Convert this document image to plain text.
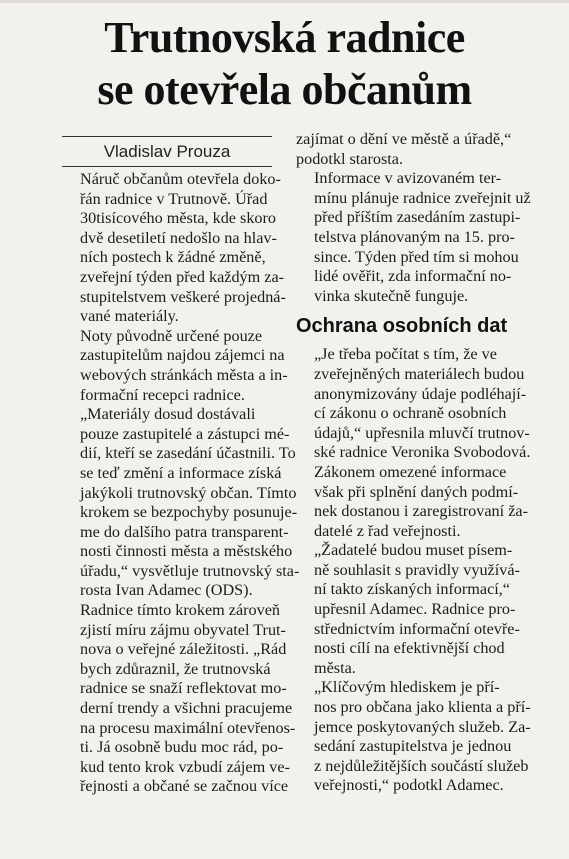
Trutnovská radnice
se otevřela občanům
Vladislav Prouza

Náruč občanům otevřela doko-
řán radnice v Trutnově. Úřad
30tisícového města, kde skoro
dvě desetiletí nedošlo na hlav-
ních postech k žádné změně,
zveřejní týden před každým za-
stupitelstvem veškeré projedná-
vané materiály.

Noty původně určené pouze
zastupitelům najdou zájemci na
webových stránkách města a in-
formační recepci radnice.

„Materiály dosud dostávali
pouze zastupitelé a zástupci mé-
dií, kteří se zasedání účastnili. To
se teď změní a informace získá
jakýkoli trutnovský občan. Tímto
krokem se bezpochyby posunuje-
me do dalšího patra transparent-
nosti činnosti města a městského
úřadu,“ vysvětluje trutnovský sta-
rosta Ivan Adamec (ODS).

Radnice tímto krokem zároveň
zjistí míru zájmu obyvatel Trut-
nova o veřejné záležitosti. „Rád
bych zdůraznil, že trutnovská
radnice se snaží reflektovat mo-
derní trendy a všichni pracujeme
na procesu maximální otevřenos-
ti. Já osobně budu moc rád, po-
kud tento krok vzbudí zájem ve-
řejnosti a občané se začnou více

zajímat o dění ve městě a úřadě,“
podotkl starosta.

Informace v avizovaném ter-
mínu plánuje radnice zveřejnit už
před příštím zasedáním zastupi-
telstva plánovaným na 15. pro-
since. Týden před tím si mohou
lidé ověřit, zda informační no-
vinka skutečně funguje.

Ochrana osobních dat

„Je třeba počítat s tím, že ve
zveřejněných materiálech budou
anonymizovány údaje podléhají-
cí zákonu o ochraně osobních
údajů,“ upřesnila mluvčí trutnov-
ské radnice Veronika Svobodová.
Zákonem omezené informace
však při splnění daných podmí-
nek dostanou i zaregistrovaní ža-
datelé z řad veřejnosti.

„Žadatelé budou muset písem-
ně souhlasit s pravidly využívá-
ní takto získaných informací,“
upřesnil Adamec. Radnice pro-
střednictvím informační otevře-
nosti cílí na efektivnější chod
města.

„Klíčovým hlediskem je pří-
nos pro občana jako klienta a pří-
jemce poskytovaných služeb. Za-
sedání zastupitelstva je jednou
z nejdůležitějších součástí služeb
veřejnosti,“ podotkl Adamec.
